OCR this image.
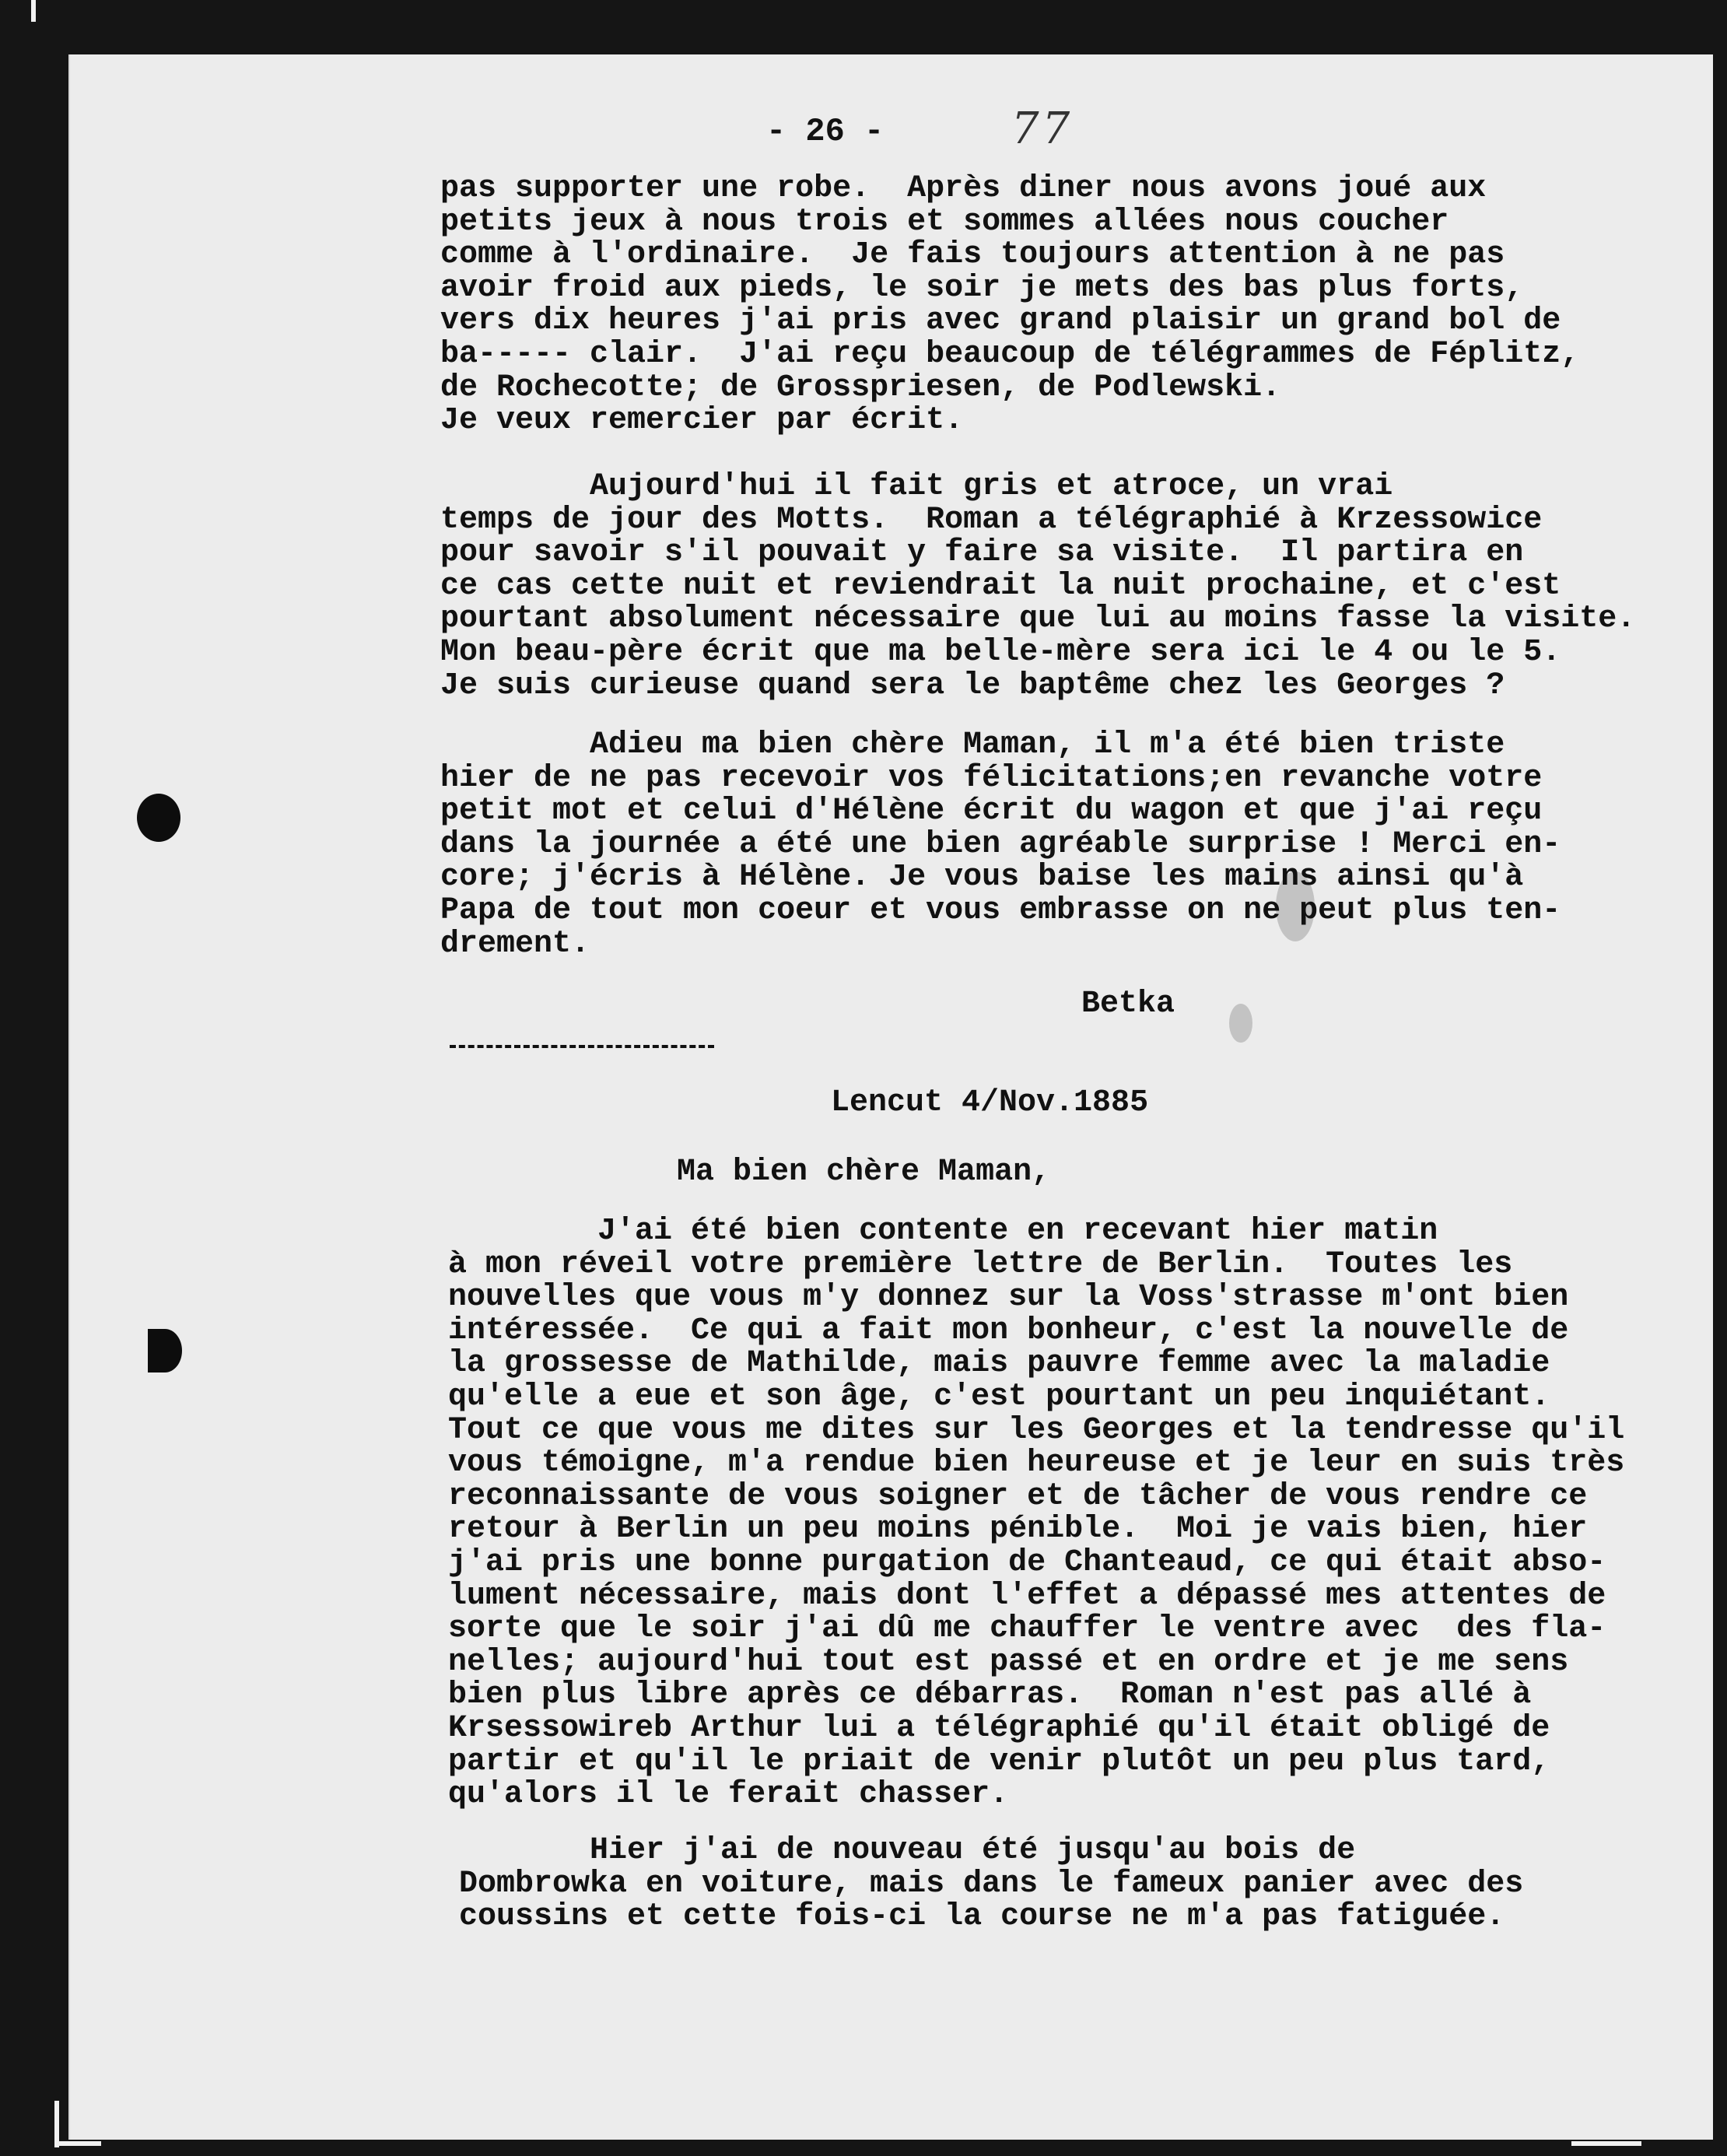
- 26 -	77
pas supporter une robe.  Après diner nous avons joué aux
petits jeux à nous trois et sommes allées nous coucher
comme à l'ordinaire.  Je fais toujours attention à ne pas
avoir froid aux pieds, le soir je mets des bas plus forts,
vers dix heures j'ai pris avec grand plaisir un grand bol de
ba----- clair.  J'ai reçu beaucoup de télégrammes de Féplitz,
de Rochecotte; de Grosspriesen, de Podlewski.
Je veux remercier par écrit.
Aujourd'hui il fait gris et atroce, un vrai
temps de jour des Motts.  Roman a télégraphié à Krzessowice
pour savoir s'il pouvait y faire sa visite.  Il partira en
ce cas cette nuit et reviendrait la nuit prochaine, et c'est
pourtant absolument nécessaire que lui au moins fasse la visite.
Mon beau-père écrit que ma belle-mère sera ici le 4 ou le 5.
Je suis curieuse quand sera le baptême chez les Georges ?
Adieu ma bien chère Maman, il m'a été bien triste
hier de ne pas recevoir vos félicitations;en revanche votre
petit mot et celui d'Hélène écrit du wagon et que j'ai reçu
dans la journée a été une bien agréable surprise ! Merci en-
core; j'écris à Hélène. Je vous baise les mains ainsi qu'à
Papa de tout mon coeur et vous embrasse on ne peut plus ten-
drement.
Betka
Lencut 4/Nov.1885
Ma bien chère Maman,
J'ai été bien contente en recevant hier matin
à mon réveil votre première lettre de Berlin.  Toutes les
nouvelles que vous m'y donnez sur la Voss'strasse m'ont bien
intéressée.  Ce qui a fait mon bonheur, c'est la nouvelle de
la grossesse de Mathilde, mais pauvre femme avec la maladie
qu'elle a eue et son âge, c'est pourtant un peu inquiétant.
Tout ce que vous me dites sur les Georges et la tendresse qu'il
vous témoigne, m'a rendue bien heureuse et je leur en suis très
reconnaissante de vous soigner et de tâcher de vous rendre ce
retour à Berlin un peu moins pénible.  Moi je vais bien, hier
j'ai pris une bonne purgation de Chanteaud, ce qui était abso-
lument nécessaire, mais dont l'effet a dépassé mes attentes de
sorte que le soir j'ai dû me chauffer le ventre avec  des fla-
nelles; aujourd'hui tout est passé et en ordre et je me sens
bien plus libre après ce débarras.  Roman n'est pas allé à
Krsessowireb Arthur lui a télégraphié qu'il était obligé de
partir et qu'il le priait de venir plutôt un peu plus tard,
qu'alors il le ferait chasser.
Hier j'ai de nouveau été jusqu'au bois de
Dombrowka en voiture, mais dans le fameux panier avec des
coussins et cette fois-ci la course ne m'a pas fatiguée.
